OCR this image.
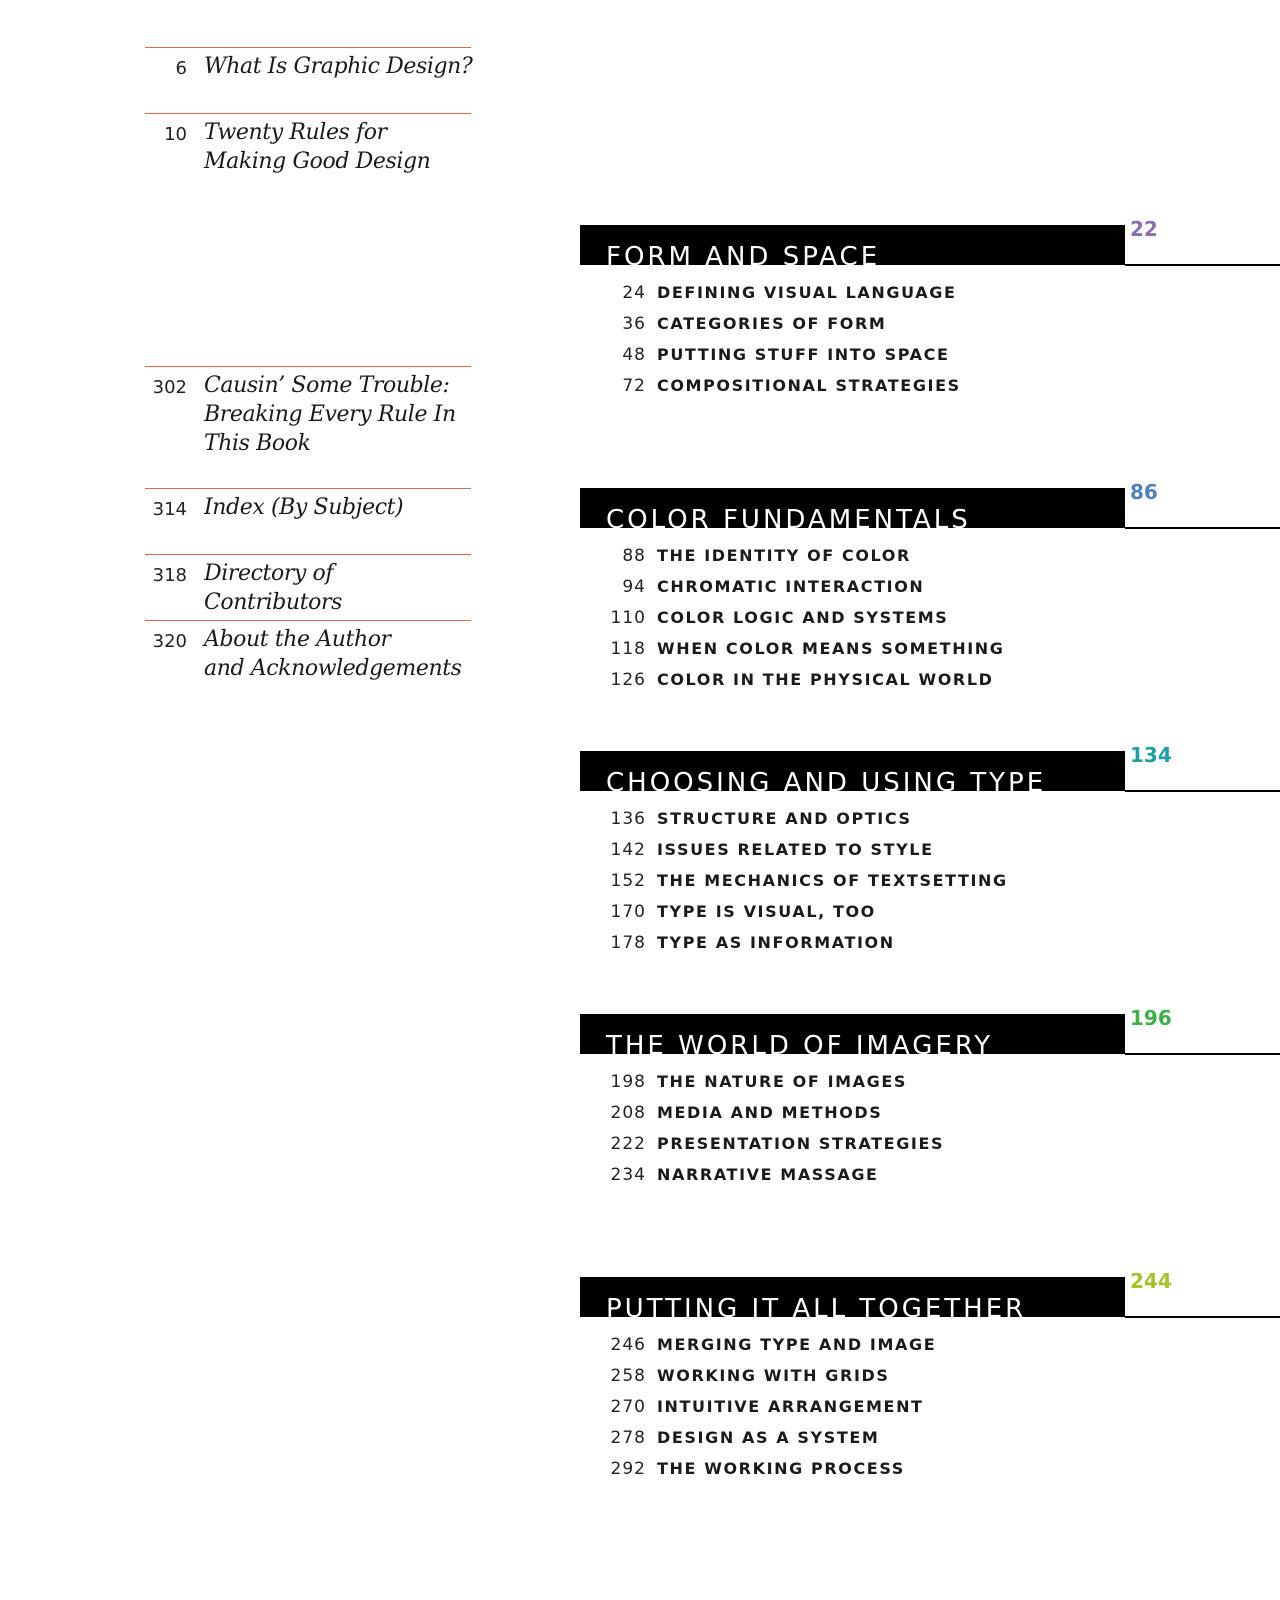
6 What Is Graphic Design?
10 Twenty Rules for
Making Good Design
302 Causin’ Some Trouble:
Breaking Every Rule In
This Book
314 Index (By Subject)
318 Directory of Contributors
320 About the Author
and Acknowledgements
FORM AND SPACE
22
24 DEFINING VISUAL LANGUAGE
36 CATEGORIES OF FORM
48 PUTTING STUFF INTO SPACE
72 COMPOSITIONAL STRATEGIES
COLOR FUNDAMENTALS
86
88 THE IDENTITY OF COLOR
94 CHROMATIC INTERACTION
110 COLOR LOGIC AND SYSTEMS
118 WHEN COLOR MEANS SOMETHING
126 COLOR IN THE PHYSICAL WORLD
CHOOSING AND USING TYPE
134
136 STRUCTURE AND OPTICS
142 ISSUES RELATED TO STYLE
152 THE MECHANICS OF TEXTSETTING
170 TYPE IS VISUAL, TOO
178 TYPE AS INFORMATION
THE WORLD OF IMAGERY
196
198 THE NATURE OF IMAGES
208 MEDIA AND METHODS
222 PRESENTATION STRATEGIES
234 NARRATIVE MASSAGE
PUTTING IT ALL TOGETHER
244
246 MERGING TYPE AND IMAGE
258 WORKING WITH GRIDS
270 INTUITIVE ARRANGEMENT
278 DESIGN AS A SYSTEM
292 THE WORKING PROCESS
